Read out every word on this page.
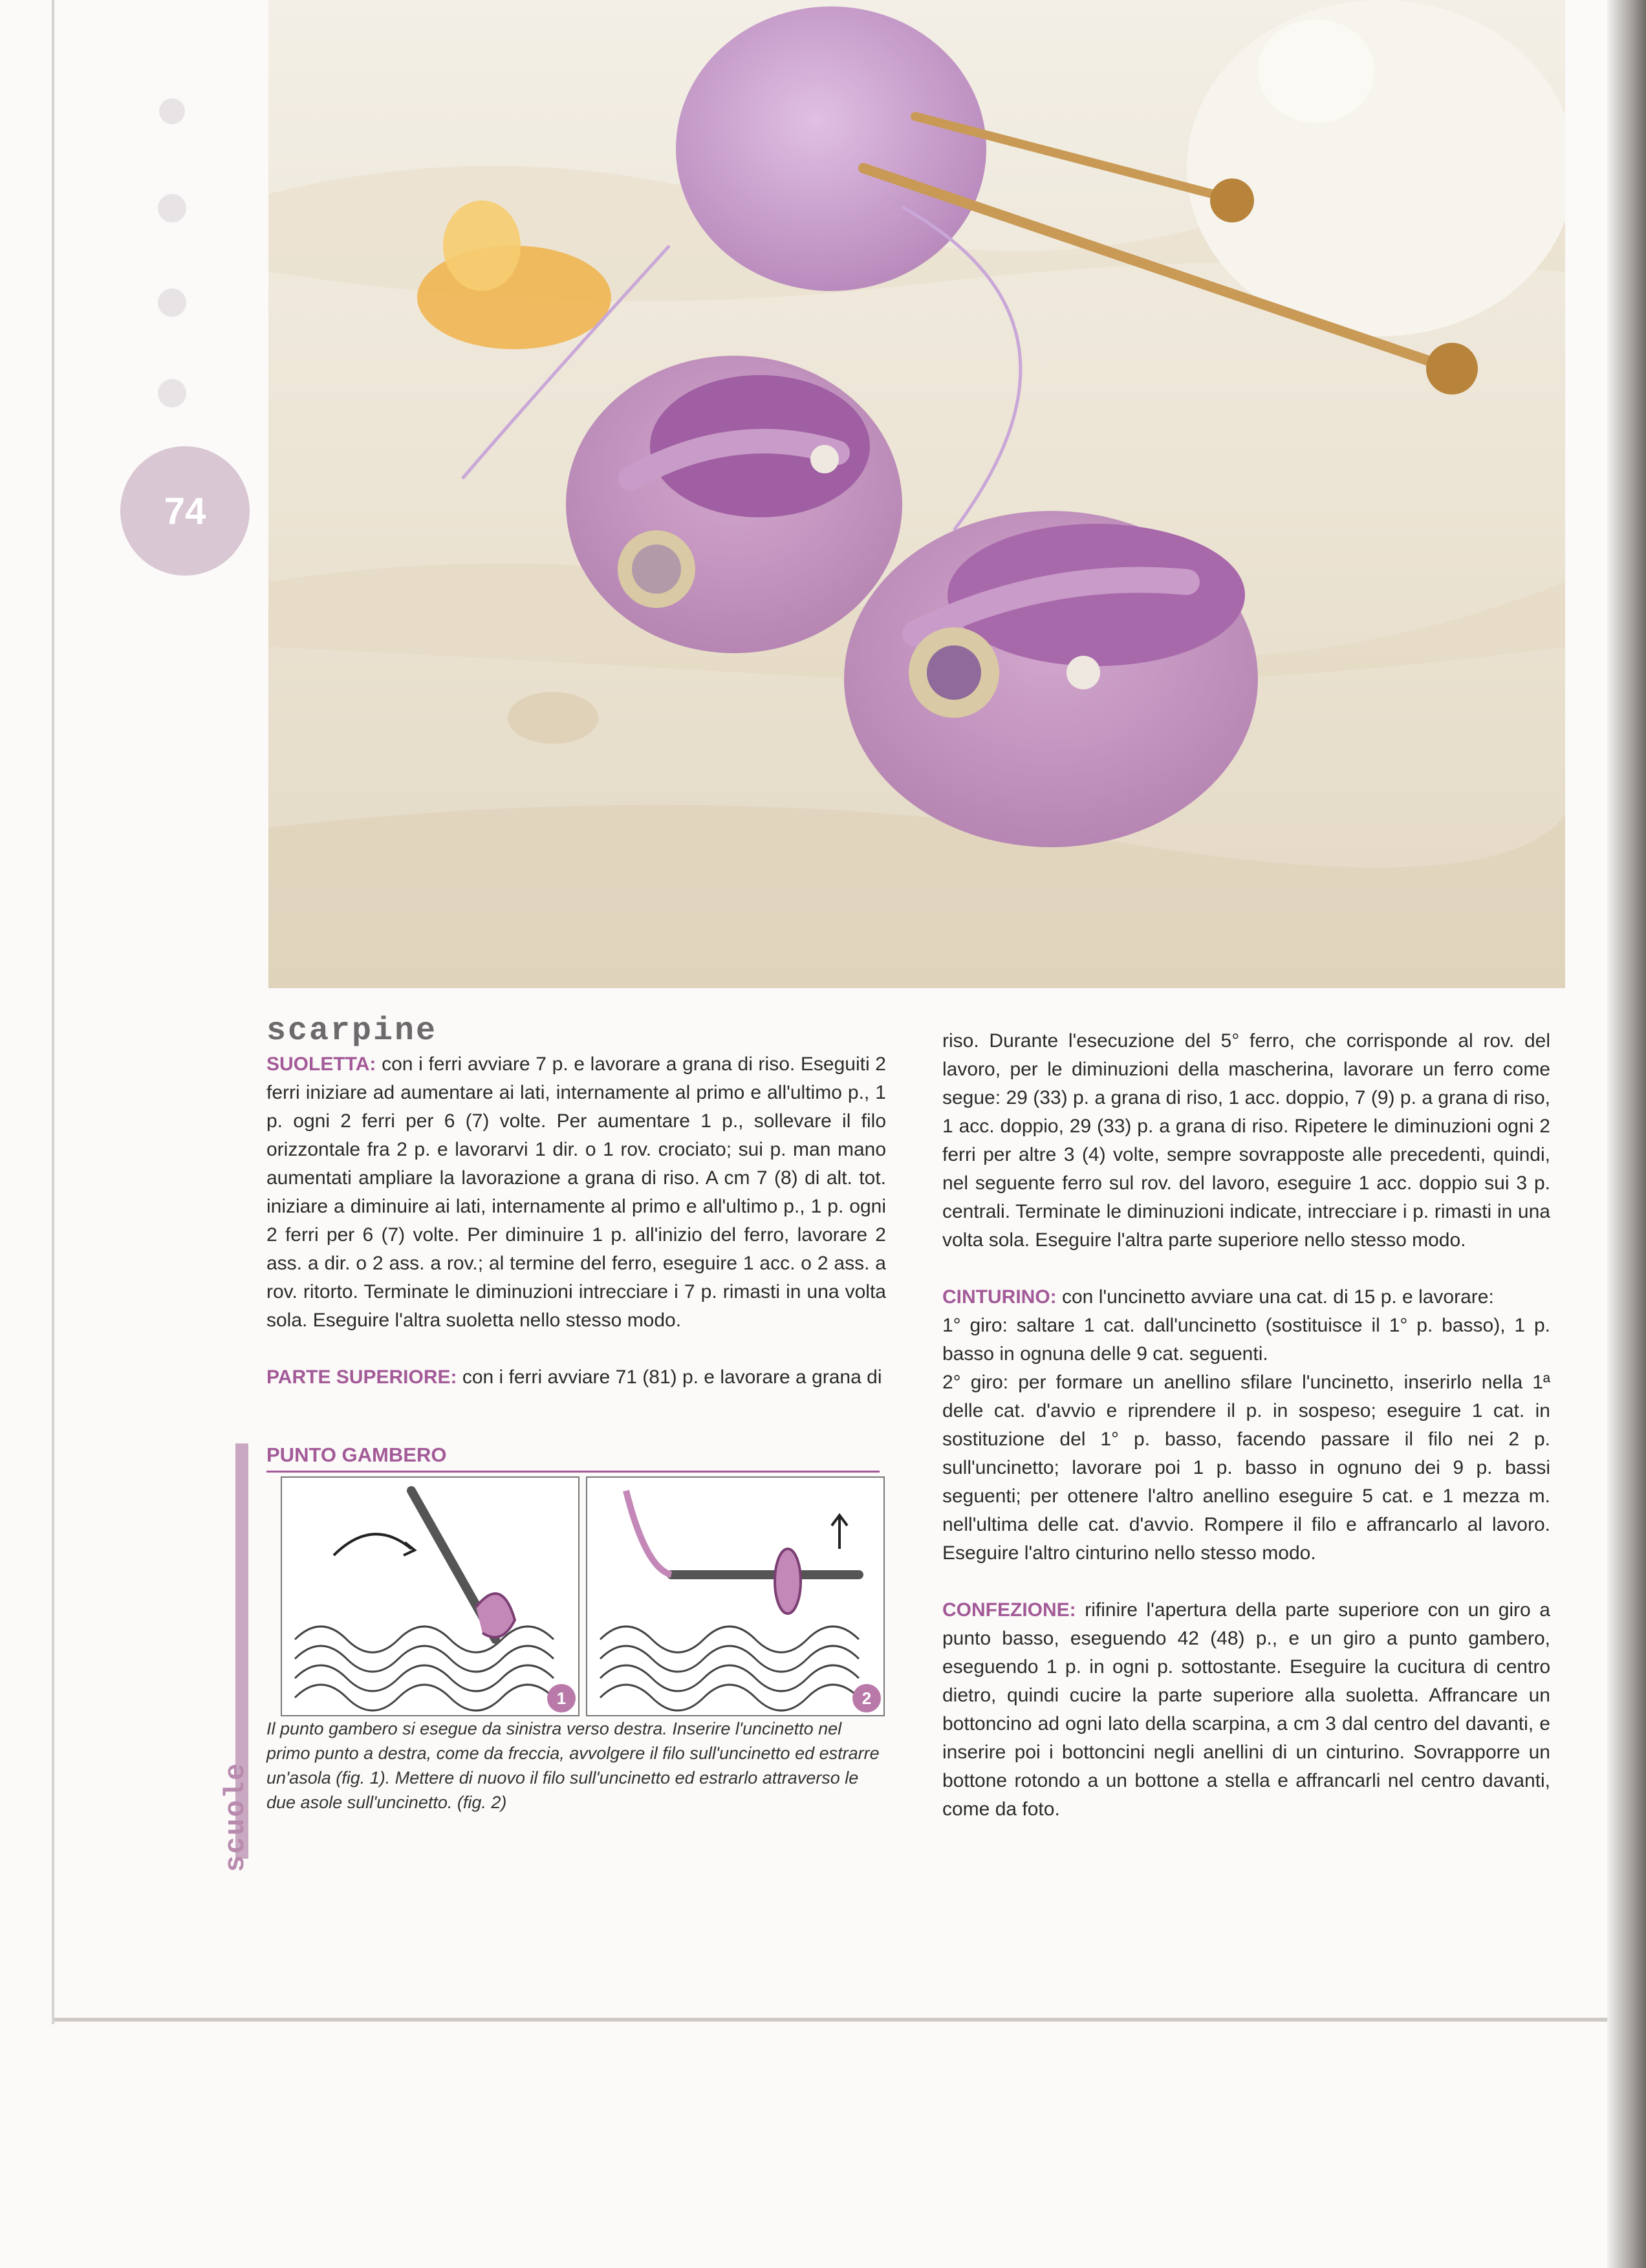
74
scarpine

SUOLETTA: con i ferri avviare 7 p. e lavorare a grana di riso. Eseguiti 2 ferri iniziare ad aumentare ai lati, internamente al primo e all'ultimo p., 1 p. ogni 2 ferri per 6 (7) volte. Per aumentare 1 p., sollevare il filo orizzontale fra 2 p. e lavorarvi 1 dir. o 1 rov. crociato; sui p. man mano aumentati ampliare la lavorazione a grana di riso. A cm 7 (8) di alt. tot. iniziare a diminuire ai lati, internamente al primo e all'ultimo p., 1 p. ogni 2 ferri per 6 (7) volte. Per diminuire 1 p. all'inizio del ferro, lavorare 2 ass. a dir. o 2 ass. a rov.; al termine del ferro, eseguire 1 acc. o 2 ass. a rov. ritorto. Terminate le diminuzioni intrecciare i 7 p. rimasti in una volta sola. Eseguire l'altra suoletta nello stesso modo.

PARTE SUPERIORE: con i ferri avviare 71 (81) p. e lavorare a grana di

riso. Durante l'esecuzione del 5° ferro, che corrisponde al rov. del lavoro, per le diminuzioni della mascherina, lavorare un ferro come segue: 29 (33) p. a grana di riso, 1 acc. doppio, 7 (9) p. a grana di riso, 1 acc. doppio, 29 (33) p. a grana di riso. Ripetere le diminuzioni ogni 2 ferri per altre 3 (4) volte, sempre sovrapposte alle precedenti, quindi, nel seguente ferro sul rov. del lavoro, eseguire 1 acc. doppio sui 3 p. centrali. Terminate le diminuzioni indicate, intrecciare i p. rimasti in una volta sola. Eseguire l'altra parte superiore nello stesso modo.

CINTURINO: con l'uncinetto avviare una cat. di 15 p. e lavorare:

1° giro: saltare 1 cat. dall'uncinetto (sostituisce il 1° p. basso), 1 p. basso in ognuna delle 9 cat. seguenti.

2° giro: per formare un anellino sfilare l'uncinetto, inserirlo nella 1ª delle cat. d'avvio e riprendere il p. in sospeso; eseguire 1 cat. in sostituzione del 1° p. basso, facendo passare il filo nei 2 p. sull'uncinetto; lavorare poi 1 p. basso in ognuno dei 9 p. bassi seguenti; per ottenere l'altro anellino eseguire 5 cat. e 1 mezza m. nell'ultima delle cat. d'avvio. Rompere il filo e affrancarlo al lavoro. Eseguire l'altro cinturino nello stesso modo.

CONFEZIONE: rifinire l'apertura della parte superiore con un giro a punto basso, eseguendo 42 (48) p., e un giro a punto gambero, eseguendo 1 p. in ogni p. sottostante. Eseguire la cucitura di centro dietro, quindi cucire la parte superiore alla suoletta. Affrancare un bottoncino ad ogni lato della scarpina, a cm 3 dal centro del davanti, e inserire poi i bottoncini negli anellini di un cinturino. Sovrapporre un bottone rotondo a un bottone a stella e affrancarli nel centro davanti, come da foto.

scuole
PUNTO GAMBERO
1	2
Il punto gambero si esegue da sinistra verso destra. Inserire l'uncinetto nel primo punto a destra, come da freccia, avvolgere il filo sull'uncinetto ed estrarre un'asola (fig. 1). Mettere di nuovo il filo sull'uncinetto ed estrarlo attraverso le due asole sull'uncinetto. (fig. 2)
